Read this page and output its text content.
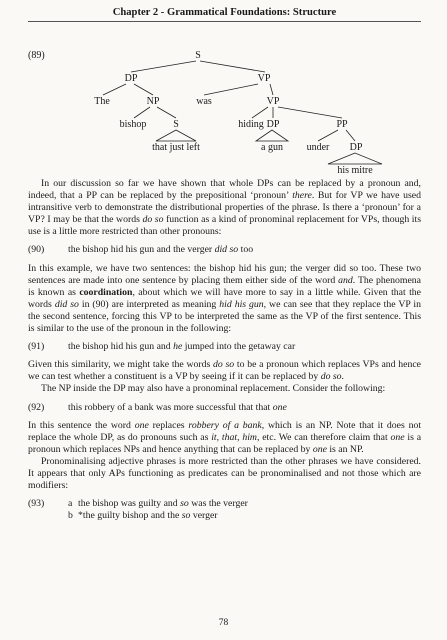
Chapter 2 - Grammatical Foundations: Structure
(89)	S
DP	VP
The	NP	was	VP
bishop	S	hiding DP	PP
that just left	a gun under DP
his mitre

In our discussion so far we have shown that whole DPs can be replaced by a pronoun and, indeed, that a PP can be replaced by the prepositional ‘pronoun’ there. But for VP we have used intransitive verb to demonstrate the distributional properties of the phrase. Is there a ‘pronoun’ for a VP? I may be that the words do so function as a kind of pronominal replacement for VPs, though its use is a little more restricted than other pronouns:

(90)	the bishop hid his gun and the verger did so too

In this example, we have two sentences: the bishop hid his gun; the verger did so too. These two sentences are made into one sentence by placing them either side of the word and. The phenomena is known as coordination, about which we will have more to say in a little while. Given that the words did so in (90) are interpreted as meaning hid his gun, we can see that they replace the VP in the second sentence, forcing this VP to be interpreted the same as the VP of the first sentence. This is similar to the use of the pronoun in the following:

(91)	the bishop hid his gun and he jumped into the getaway car

Given this similarity, we might take the words do so to be a pronoun which replaces VPs and hence we can test whether a constituent is a VP by seeing if it can be replaced by do so.

The NP inside the DP may also have a pronominal replacement. Consider the following:

(92)	this robbery of a bank was more successful that that one

In this sentence the word one replaces robbery of a bank, which is an NP. Note that it does not replace the whole DP, as do pronouns such as it, that, him, etc. We can therefore claim that one is a pronoun which replaces NPs and hence anything that can be replaced by one is an NP.

Pronominalising adjective phrases is more restricted than the other phrases we have considered. It appears that only APs functioning as predicates can be pronominalised and not those which are modifiers:

(93)	a the bishop was guilty and so was the verger

b *the guilty bishop and the so verger

78
